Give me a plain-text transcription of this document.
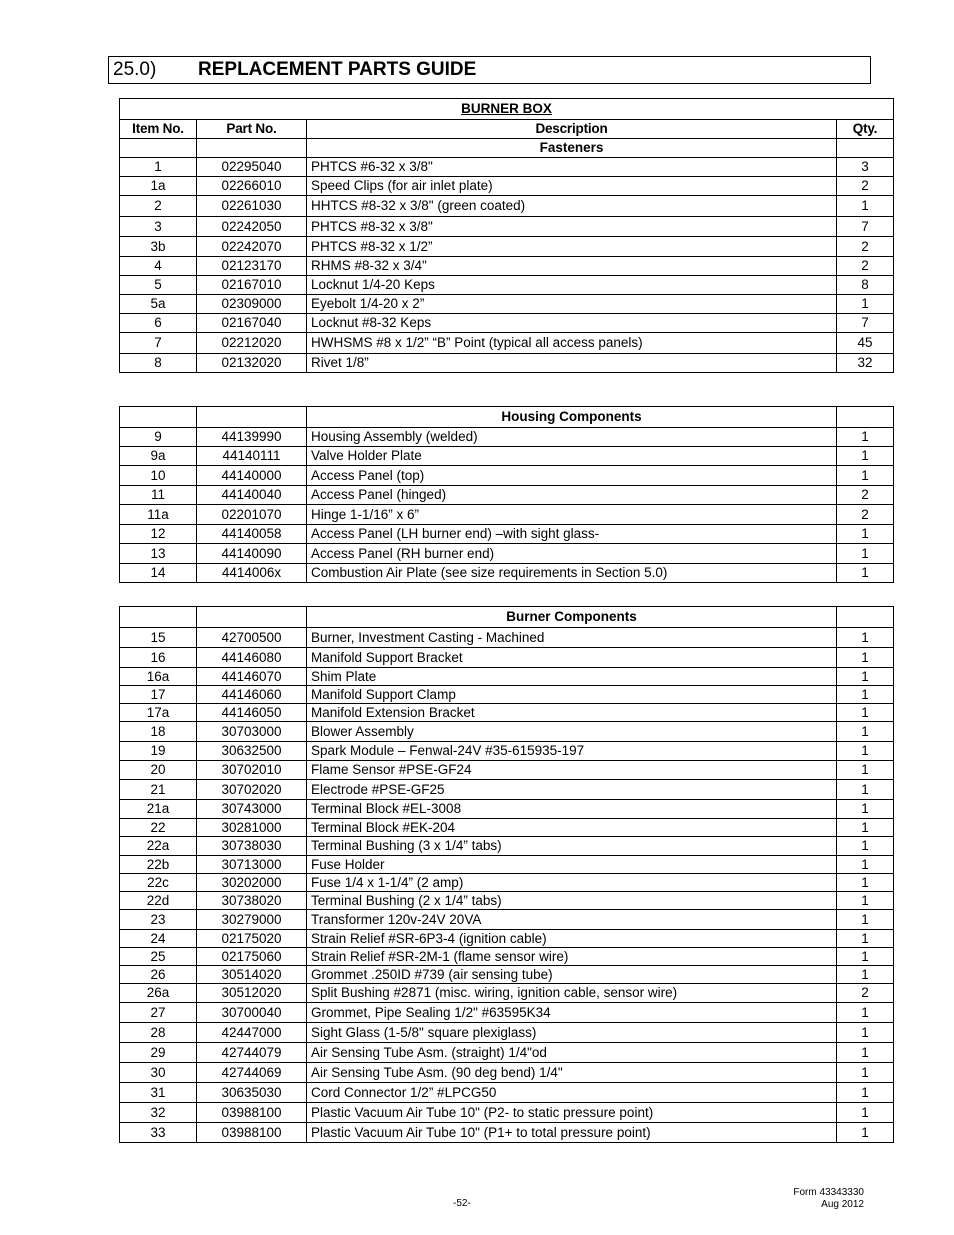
25.0) REPLACEMENT PARTS GUIDE
BURNER BOX			
Item No.	Part No.	Description	Qty.
		Fasteners	
1	02295040	PHTCS #6-32 x 3/8"	3
1a	02266010	Speed Clips (for air inlet plate)	2
2	02261030	HHTCS #8-32 x 3/8" (green coated)	1
3	02242050	PHTCS #8-32 x 3/8"	7
3b	02242070	PHTCS #8-32 x 1/2”	2
4	02123170	RHMS #8-32 x 3/4"	2
5	02167010	Locknut 1/4-20 Keps	8
5a	02309000	Eyebolt 1/4-20 x 2”	1
6	02167040	Locknut #8-32 Keps	7
7	02212020	HWHSMS #8 x 1/2” “B” Point (typical all access panels)	45
8	02132020	Rivet 1/8”	32
		Housing Components	
9	44139990	Housing Assembly (welded)	1
9a	44140111	Valve Holder Plate	1
10	44140000	Access Panel (top)	1
11	44140040	Access Panel (hinged)	2
11a	02201070	Hinge 1-1/16” x 6”	2
12	44140058	Access Panel (LH burner end) –with sight glass-	1
13	44140090	Access Panel (RH burner end)	1
14	4414006x	Combustion Air Plate (see size requirements in Section 5.0)	1
		Burner Components	
15	42700500	Burner, Investment Casting - Machined	1
16	44146080	Manifold Support Bracket	1
16a	44146070	Shim Plate	1
17	44146060	Manifold Support Clamp	1
17a	44146050	Manifold Extension Bracket	1
18	30703000	Blower Assembly	1
19	30632500	Spark Module – Fenwal-24V #35-615935-197	1
20	30702010	Flame Sensor #PSE-GF24	1
21	30702020	Electrode #PSE-GF25	1
21a	30743000	Terminal Block #EL-3008	1
22	30281000	Terminal Block #EK-204	1
22a	30738030	Terminal Bushing (3 x 1/4” tabs)	1
22b	30713000	Fuse Holder	1
22c	30202000	Fuse 1/4 x 1-1/4” (2 amp)	1
22d	30738020	Terminal Bushing (2 x 1/4” tabs)	1
23	30279000	Transformer 120v-24V 20VA	1
24	02175020	Strain Relief #SR-6P3-4 (ignition cable)	1
25	02175060	Strain Relief #SR-2M-1 (flame sensor wire)	1
26	30514020	Grommet .250ID #739 (air sensing tube)	1
26a	30512020	Split Bushing #2871 (misc. wiring, ignition cable, sensor wire)	2
27	30700040	Grommet, Pipe Sealing 1/2" #63595K34	1
28	42447000	Sight Glass (1-5/8" square plexiglass)	1
29	42744079	Air Sensing Tube Asm. (straight) 1/4"od	1
30	42744069	Air Sensing Tube Asm. (90 deg bend) 1/4"	1
31	30635030	Cord Connector 1/2” #LPCG50	1
32	03988100	Plastic Vacuum Air Tube 10" (P2- to static pressure point)	1
33	03988100	Plastic Vacuum Air Tube 10" (P1+ to total pressure point)	1
-52-
Form 43343330
Aug 2012
